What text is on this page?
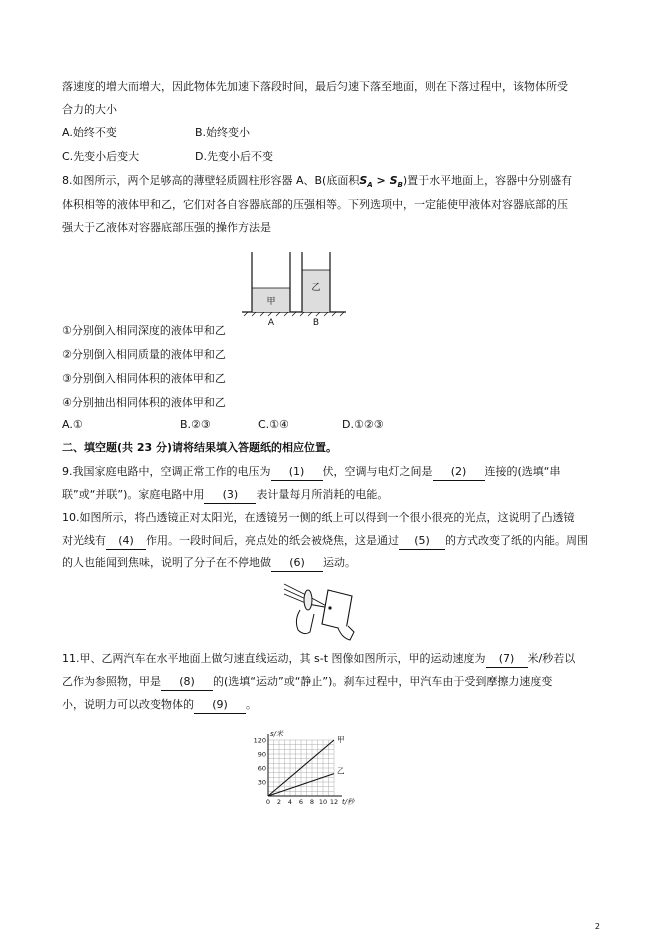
落速度的增大而增大，因此物体先加速下落段时间，最后匀速下落至地面，则在下落过程中，该物体所受
合力的大小
A.始终不变	B.始终变小
C.先变小后变大	D.先变小后不变
8.如图所示，两个足够高的薄壁轻质圆柱形容器 A、B(底面积$S_A > S_B$)置于水平地面上，容器中分别盛有
体积相等的液体甲和乙，它们对各自容器底部的压强相等。下列选项中，一定能使甲液体对容器底部的压
强大于乙液体对容器底部压强的操作方法是
甲
乙
A	B
①分别倒入相同深度的液体甲和乙
②分别倒入相同质量的液体甲和乙
③分别倒入相同体积的液体甲和乙
④分别抽出相同体积的液体甲和乙
A.①	B.②③	C.①④	D.①②③
二、填空题(共 23 分)请将结果填入答题纸的相应位置。
9.我国家庭电路中，空调正常工作的电压为 (1) 伏，空调与电灯之间是 (2) 连接的(选填“串
联”或“并联”)。家庭电路中用 (3) 表计量每月所消耗的电能。
10.如图所示，将凸透镜正对太阳光，在透镜另一侧的纸上可以得到一个很小很亮的光点，这说明了凸透镜
对光线有 (4) 作用。一段时间后，亮点处的纸会被烧焦，这是通过 (5) 的方式改变了纸的内能。周围
的人也能闻到焦味，说明了分子在不停地做 (6) 运动。
11.甲、乙两汽车在水平地面上做匀速直线运动，其 s-t 图像如图所示，甲的运动速度为 (7) 米/秒若以
乙作为参照物，甲是 (8) 的(选填“运动”或“静止”)。刹车过程中，甲汽车由于受到摩擦力速度变
小，说明力可以改变物体的 (9) 。
s/米
t/秒
0 2 4 6 8 10 12
120
90
60
30
甲
乙
2
